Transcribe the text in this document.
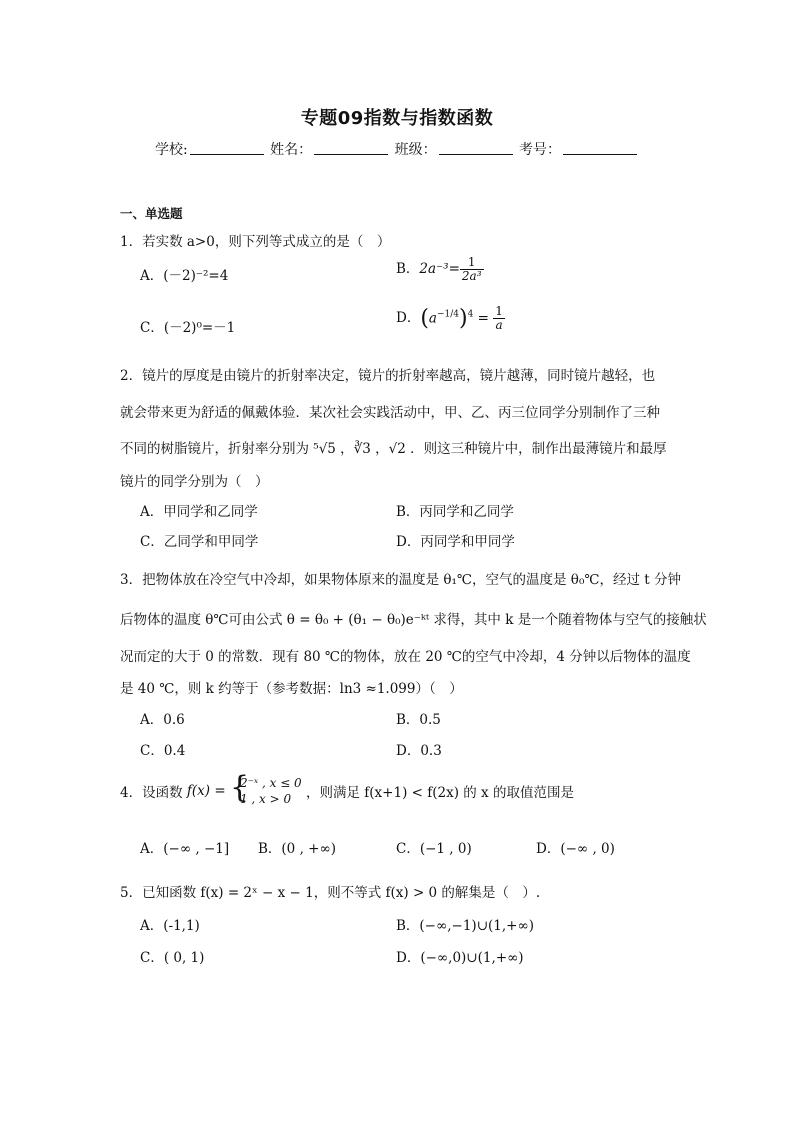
专题09指数与指数函数
学校:	姓名：	班级：	考号：
一、单选题
1．若实数 a>0，则下列等式成立的是（　）
A．(－2)⁻²=4	B．$2a^{-3}= \frac{1}{\text{2a³}}$
C．(－2)⁰=－1
D．$(a^{-1/4})^4 = \frac{1}{a}$
2．镜片的厚度是由镜片的折射率决定，镜片的折射率越高，镜片越薄，同时镜片越轻，也
就会带来更为舒适的佩戴体验．某次社会实践活动中，甲、乙、丙三位同学分别制作了三种
不同的树脂镜片，折射率分别为 ⁵√5 ，∛3 ，√2 ．则这三种镜片中，制作出最薄镜片和最厚
镜片的同学分别为（　）
A．甲同学和乙同学	B．丙同学和乙同学
C．乙同学和甲同学	D．丙同学和甲同学
3．把物体放在冷空气中冷却，如果物体原来的温度是 θ₁℃，空气的温度是 θ₀℃，经过 t 分钟
后物体的温度 θ℃可由公式 θ = θ₀ + (θ₁ − θ₀)e⁻ᵏᵗ 求得，其中 k 是一个随着物体与空气的接触状
况而定的大于 0 的常数．现有 80 ℃的物体，放在 20 ℃的空气中冷却，4 分钟以后物体的温度
是 40 ℃，则 k 约等于（参考数据：ln3 ≈1.099）（　）
A．0.6	B．0.5
C．0.4	D．0.3
4．设函数 f(x) = {
2⁻ˣ , x ≤ 0
1 , x > 0	，则满足 f(x+1) < f(2x) 的 x 的取值范围是
A．(−∞ , −1] B．(0 , +∞)	C．(−1 , 0)	D．(−∞ , 0)
5．已知函数 f(x) = 2ˣ − x − 1，则不等式 f(x) > 0 的解集是（　）.
A．(-1,1)	B．(−∞,−1)∪(1,+∞)
C．( 0, 1)	D．(−∞,0)∪(1,+∞)
